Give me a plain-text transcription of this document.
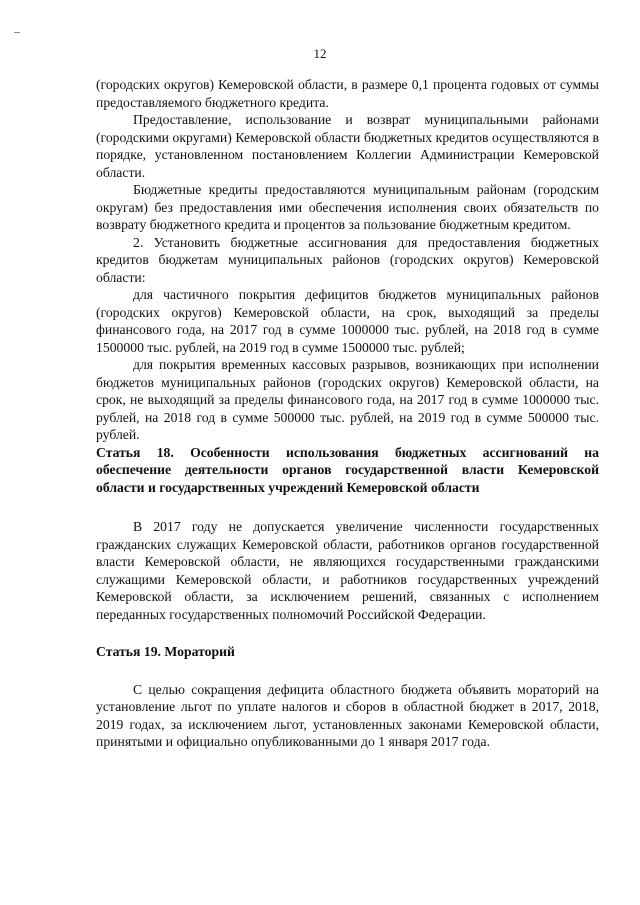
12

(городских округов) Кемеровской области, в размере 0,1 процента годовых от суммы предоставляемого бюджетного кредита.

Предоставление, использование и возврат муниципальными районами (городскими округами) Кемеровской области бюджетных кредитов осуществляются в порядке, установленном постановлением Коллегии Администрации Кемеровской области.

Бюджетные кредиты предоставляются муниципальным районам (городским округам) без предоставления ими обеспечения исполнения своих обязательств по возврату бюджетного кредита и процентов за пользование бюджетным кредитом.

2. Установить бюджетные ассигнования для предоставления бюджетных кредитов бюджетам муниципальных районов (городских округов) Кемеровской области:

для частичного покрытия дефицитов бюджетов муниципальных районов (городских округов) Кемеровской области, на срок, выходящий за пределы финансового года, на 2017 год в сумме 1000000 тыс. рублей, на 2018 год в сумме 1500000 тыс. рублей, на 2019 год в сумме 1500000 тыс. рублей;

для покрытия временных кассовых разрывов, возникающих при исполнении бюджетов муниципальных районов (городских округов) Кемеровской области, на срок, не выходящий за пределы финансового года, на 2017 год в сумме 1000000 тыс. рублей, на 2018 год в сумме 500000 тыс. рублей, на 2019 год в сумме 500000 тыс. рублей.

Статья 18. Особенности использования бюджетных ассигнований на обеспечение деятельности органов государственной власти Кемеровской области и государственных учреждений Кемеровской области

В 2017 году не допускается увеличение численности государственных гражданских служащих Кемеровской области, работников органов государственной власти Кемеровской области, не являющихся государственными гражданскими служащими Кемеровской области, и работников государственных учреждений Кемеровской области, за исключением решений, связанных с исполнением переданных государственных полномочий Российской Федерации.

Статья 19. Мораторий

С целью сокращения дефицита областного бюджета объявить мораторий на установление льгот по уплате налогов и сборов в областной бюджет в 2017, 2018, 2019 годах, за исключением льгот, установленных законами Кемеровской области, принятыми и официально опубликованными до 1 января 2017 года.
